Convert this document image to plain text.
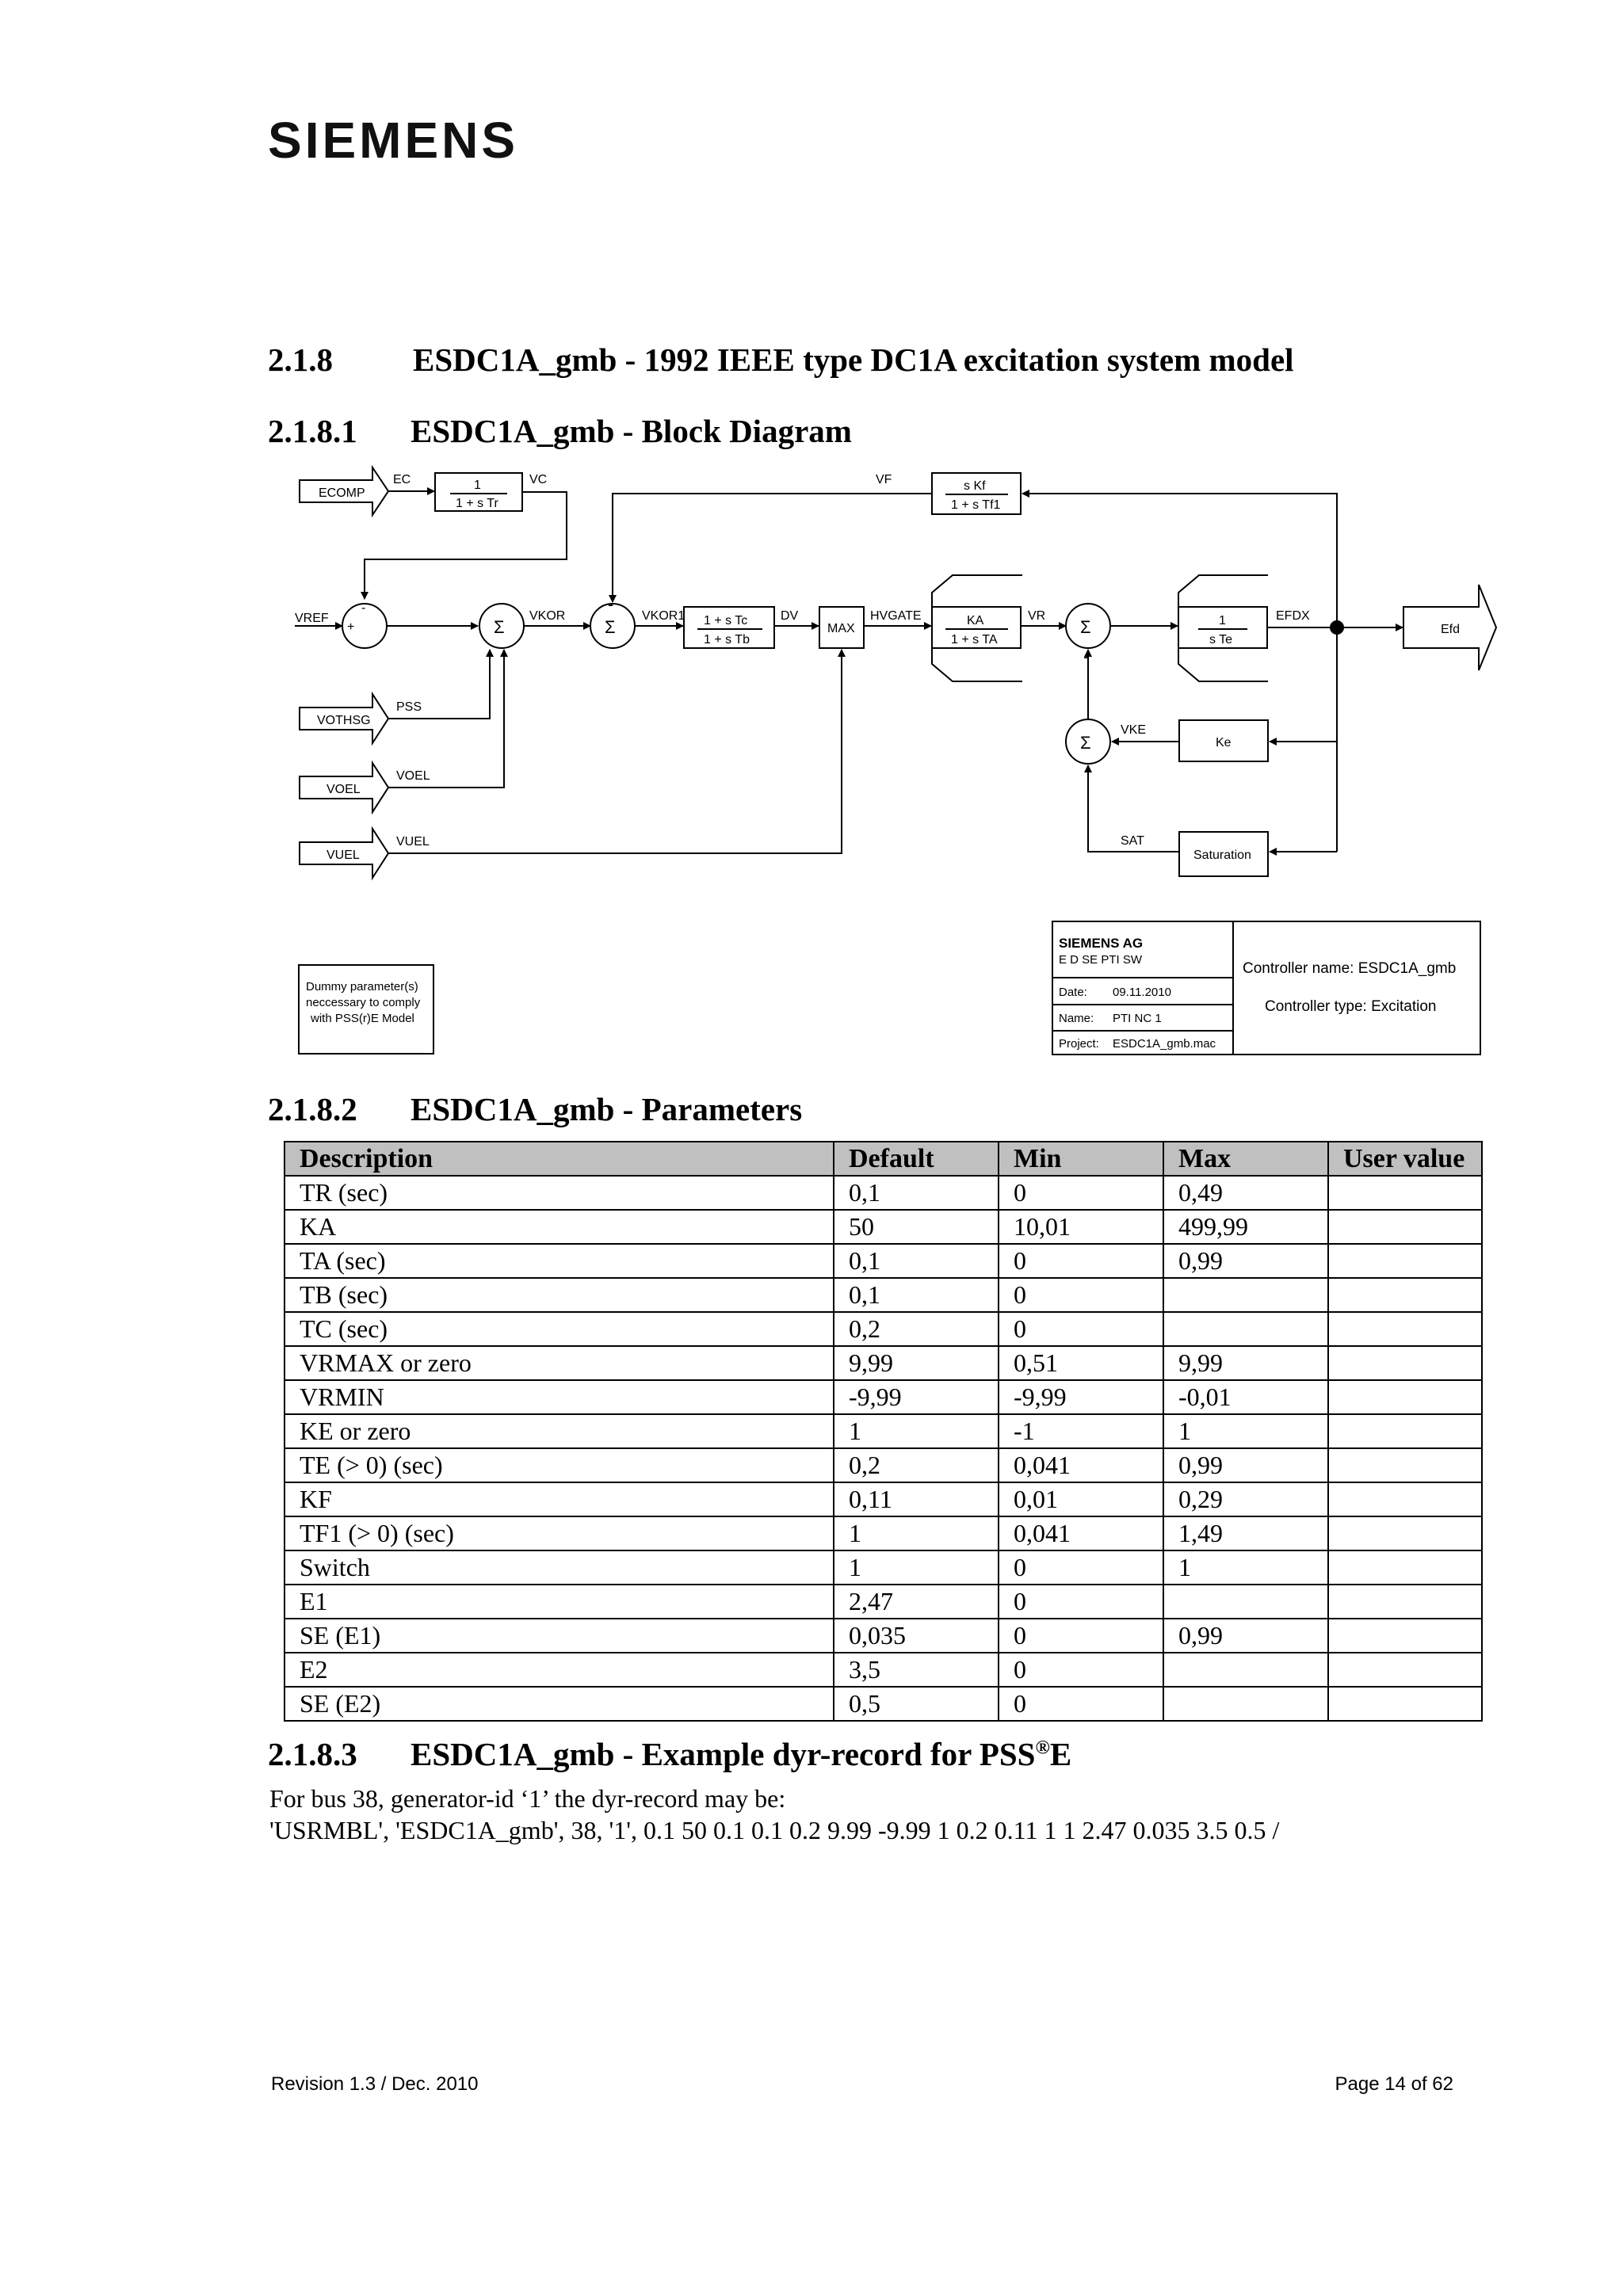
SIEMENS
2.1.8 ESDC1A_gmb - 1992 IEEE type DC1A excitation system model
2.1.8.1 ESDC1A_gmb - Block Diagram
ECOMP
EC	1
1 + s Tr
VC
VREF
+
-
Σ
VKOR
Σ
-
VKOR1 1 + s Tc
1 + s Tb
DV
MAX
HVGATE	KA
1 + s TA
VR
Σ
-
1
s Te
EFDX
Efd
s Kf
1 + s Tf1
VF
Ke
VKE
Σ
Saturation
SAT
VOTHSG
PSS
VOEL
VOEL
VUEL
VUEL
Dummy parameter(s)
neccessary to comply
with PSS(r)E Model
SIEMENS AG
E D SE PTI SW
Date: 09.11.2010
Name: PTI NC 1
Project: ESDC1A_gmb.mac
Controller name: ESDC1A_gmb
Controller type: Excitation
2.1.8.2 ESDC1A_gmb - Parameters
Description	Default	Min	Max	User value
TR (sec)	0,1	0	0,49	
KA	50	10,01	499,99	
TA (sec)	0,1	0	0,99	
TB (sec)	0,1	0		
TC (sec)	0,2	0		
VRMAX or zero	9,99	0,51	9,99	
VRMIN	-9,99	-9,99	-0,01	
KE or zero	1	-1	1	
TE (> 0) (sec)	0,2	0,041	0,99	
KF	0,11	0,01	0,29	
TF1 (> 0) (sec)	1	0,041	1,49	
Switch	1	0	1	
E1	2,47	0		
SE (E1)	0,035	0	0,99	
E2	3,5	0		
SE (E2)	0,5	0		
2.1.8.3 ESDC1A_gmb - Example dyr-record for PSS®E
For bus 38, generator-id ‘1’ the dyr-record may be:
'USRMBL', 'ESDC1A_gmb', 38, '1', 0.1 50 0.1 0.1 0.2 9.99 -9.99 1 0.2 0.11 1 1 2.47 0.035 3.5 0.5 /
Revision 1.3 / Dec. 2010	Page 14 of 62
